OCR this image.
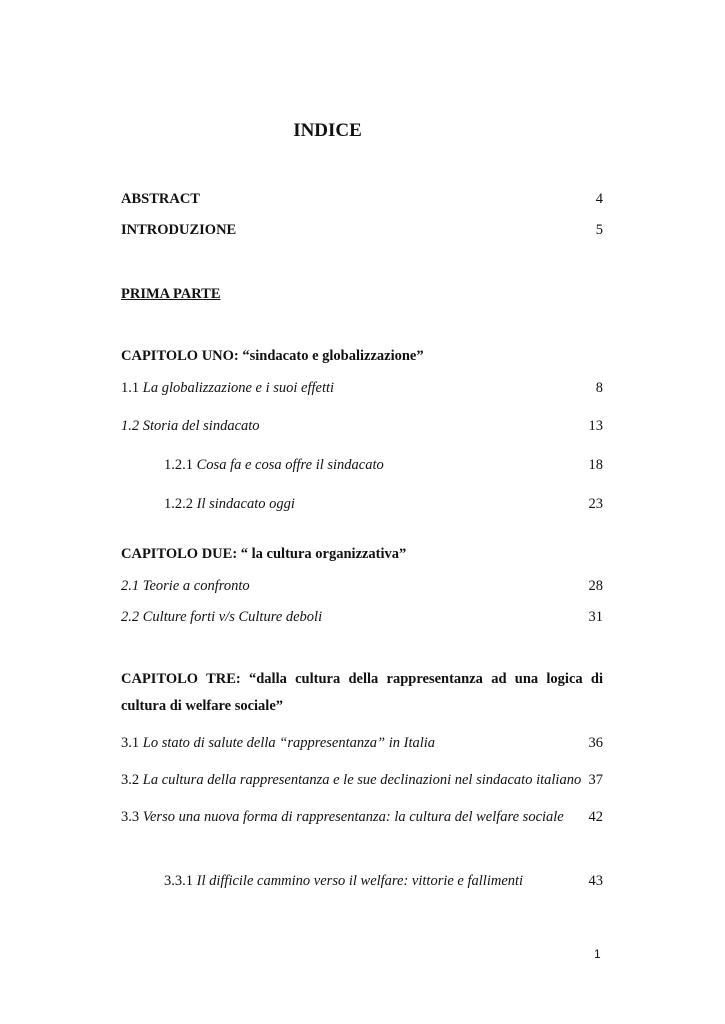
INDICE
ABSTRACT	4
INTRODUZIONE	5
PRIMA PARTE
CAPITOLO UNO: “sindacato e globalizzazione”
1.1 La globalizzazione e i suoi effetti	8
1.2 Storia del sindacato	13
1.2.1 Cosa fa e cosa offre il sindacato	18
1.2.2 Il sindacato oggi	23
CAPITOLO DUE: “ la cultura organizzativa”
2.1 Teorie a confronto	28
2.2 Culture forti v/s Culture deboli	31
CAPITOLO TRE: “dalla cultura della rappresentanza ad una logica di
cultura di welfare sociale”
3.1 Lo stato di salute della “rappresentanza” in Italia	36
3.2 La cultura della rappresentanza e le sue declinazioni nel sindacato italiano 37
3.3 Verso una nuova forma di rappresentanza: la cultura del welfare sociale 42
3.3.1 Il difficile cammino verso il welfare: vittorie e fallimenti	43
1
